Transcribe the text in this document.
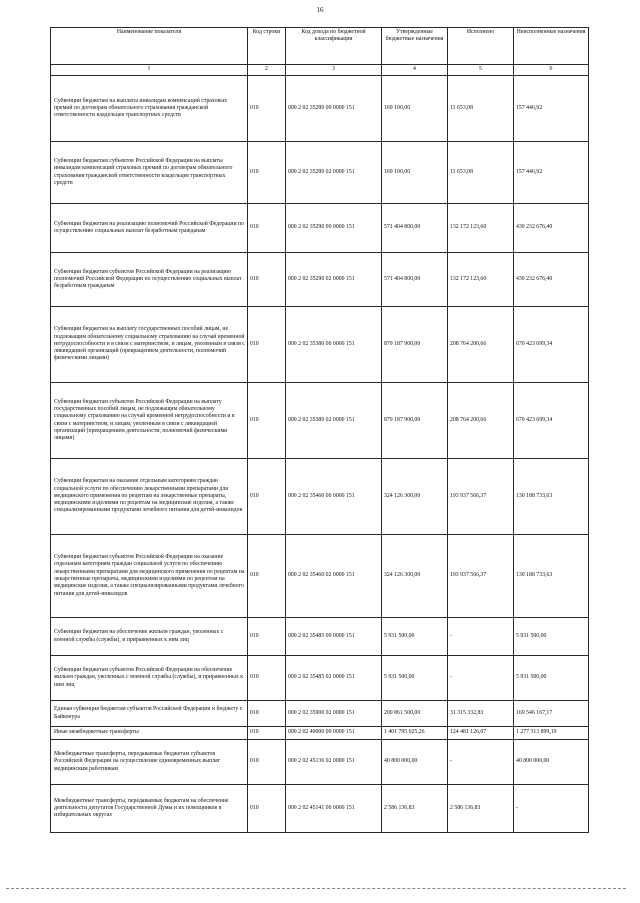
16
Наименование показателя	Код строки	Код дохода по бюджетной классификации	Утвержденные бюджетные назначения	Исполнено	Неисполненные назначения
1	2	3	4	5	6
Субвенции бюджетам на выплаты инвалидам компенсаций страховых премий по договорам обязательного страхования гражданской ответственности владельцев транспортных средств	010	000 2 02 35280 00 0000 151	169 100,00	11 653,08	157 446,92
Субвенции бюджетам субъектов Российской Федерации на выплаты инвалидам компенсаций страховых премий по договорам обязательного страхования гражданской ответственности владельцев транспортных средств	010	000 2 02 35280 02 0000 151	169 100,00	11 653,08	157 446,92
Субвенции бюджетам на реализацию полномочий Российской Федерации по осуществлению социальных выплат безработным гражданам	010	000 2 02 35290 00 0000 151	571 404 800,00	132 172 123,60	439 232 676,40
Субвенции бюджетам субъектов Российской Федерации на реализацию полномочий Российской Федерации по осуществлению социальных выплат безработным гражданам	010	000 2 02 35290 02 0000 151	571 404 800,00	132 172 123,60	439 232 676,40
Субвенции бюджетам на выплату государственных пособий лицам, не подлежащим обязательному социальному страхованию на случай временной нетрудоспособности и в связи с материнством, и лицам, уволенным в связи с ликвидацией организаций (прекращением деятельности, полномочий физическими лицами)	010	000 2 02 35380 00 0000 151	879 187 900,00	208 764 200,66	670 423 699,34
Субвенции бюджетам субъектов Российской Федерации на выплату государственных пособий лицам, не подлежащим обязательному социальному страхованию на случай временной нетрудоспособности и в связи с материнством, и лицам, уволенным в связи с ликвидацией организаций (прекращением деятельности, полномочий физическими лицами)	010	000 2 02 35380 02 0000 151	879 187 900,00	208 764 200,66	670 423 699,34
Субвенции бюджетам на оказание отдельным категориям граждан социальной услуги по обеспечению лекарственными препаратами для медицинского применения по рецептам на лекарственные препараты, медицинскими изделиями по рецептам на медицинские изделия, а также специализированными продуктами лечебного питания для детей-инвалидов	010	000 2 02 35460 00 0000 151	324 126 300,00	193 937 566,37	130 188 733,63
Субвенции бюджетам субъектов Российской Федерации на оказание отдельным категориям граждан социальной услуги по обеспечению лекарственными препаратами для медицинского применения по рецептам на лекарственные препараты, медицинскими изделиями по рецептам на медицинские изделия, а также специализированными продуктами лечебного питания для детей-инвалидов	010	000 2 02 35460 02 0000 151	324 126 300,00	193 937 566,37	130 188 733,63
Субвенции бюджетам на обеспечение жильем граждан, уволенных с военной службы (службы), и приравненных к ним лиц	010	000 2 02 35485 00 0000 151	5 931 500,00	-	5 931 500,00
Субвенции бюджетам субъектов Российской Федерации на обеспечение жильем граждан, уволенных с военной службы (службы), и приравненных к ним лиц	010	000 2 02 35485 02 0000 151	5 931 500,00	-	5 931 500,00
Единая субвенция бюджетам субъектов Российской Федерации и бюджету г. Байконура	010	000 2 02 35900 02 0000 151	200 861 500,00	31 315 332,83	169 546 167,17
Иные межбюджетные трансферты	010	000 2 02 40000 00 0000 151	1 401 795 025,26	124 481 126,07	1 277 313 899,19
Межбюджетные трансферты, передаваемые бюджетам субъектов Российской Федерации на осуществление единовременных выплат медицинским работникам	010	000 2 02 45136 02 0000 151	40 800 000,00	-	40 800 000,00
Межбюджетные трансферты, передаваемые бюджетам на обеспечение деятельности депутатов Государственной Думы и их помощников в избирательных округах	010	000 2 02 45141 00 0000 151	2 586 136,83	2 586 136,83	-
